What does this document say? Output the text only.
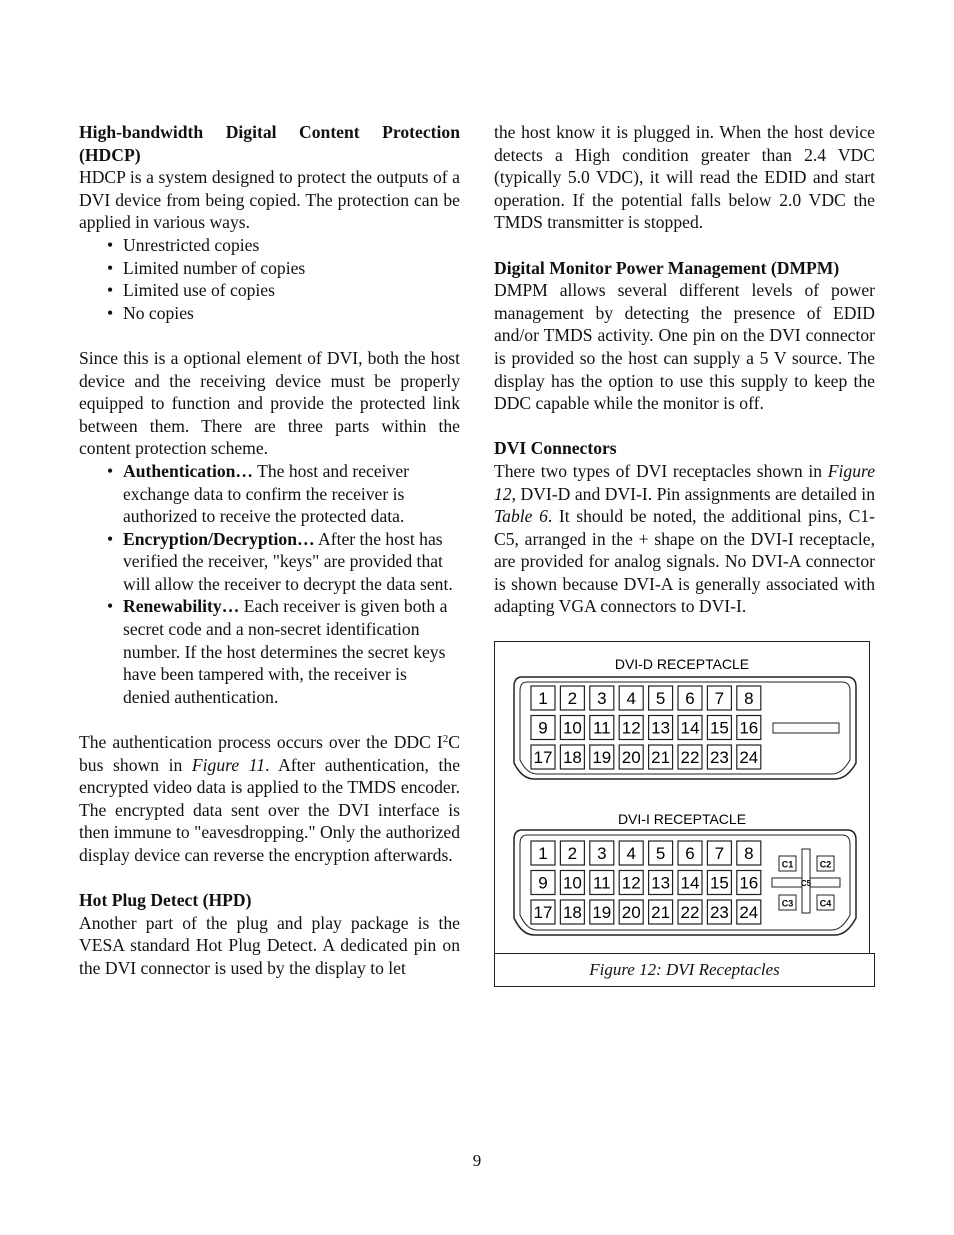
High-bandwidth Digital Content Protection (HDCP)

HDCP is a system designed to protect the outputs of a DVI device from being copied. The protection can be applied in various ways.

• Unrestricted copies
• Limited number of copies
• Limited use of copies
• No copies

Since this is a optional element of DVI, both the host device and the receiving device must be properly equipped to function and provide the protected link between them. There are three parts within the content protection scheme.

• Authentication… The host and receiver exchange data to confirm the receiver is authorized to receive the protected data.
• Encryption/Decryption… After the host has verified the receiver, "keys" are provided that will allow the receiver to decrypt the data sent.
• Renewability… Each receiver is given both a secret code and a non-secret identification number. If the host determines the secret keys have been tampered with, the receiver is denied authentication.

The authentication process occurs over the DDC $I^2C$ bus shown in Figure 11. After authentication, the encrypted video data is applied to the TMDS encoder. The encrypted data sent over the DVI interface is then immune to "eavesdropping." Only the authorized display device can reverse the encryption afterwards.

Hot Plug Detect (HPD)

Another part of the plug and play package is the VESA standard Hot Plug Detect. A dedicated pin on the DVI connector is used by the display to let

the host know it is plugged in. When the host device detects a High condition greater than 2.4 VDC (typically 5.0 VDC), it will read the EDID and start operation. If the potential falls below 2.0 VDC the TMDS transmitter is stopped.

Digital Monitor Power Management (DMPM)

DMPM allows several different levels of power management by detecting the presence of EDID and/or TMDS activity. One pin on the DVI connector is provided so the host can supply a 5 V source. The display has the option to use this supply to keep the DDC capable while the monitor is off.

DVI Connectors

There two types of DVI receptacles shown in Figure 12, DVI-D and DVI-I. Pin assignments are detailed in Table 6. It should be noted, the additional pins, C1-C5, arranged in the + shape on the DVI-I receptacle, are provided for analog signals. No DVI-A connector is shown because DVI-A is generally associated with adapting VGA connectors to DVI-I.

DVI-D RECEPTACLE
DVI-I RECEPTACLE
1 2 3 4 5 6 7 8
9 10 11 12 13 14 15 16
17 18 19 20 21 22 23 24
1 2 3 4 5 6 7 8
9 10 11 12 13 14 15 16
17 18 19 20 21 22 23 24
C1	C2
C3	C4
C5
Figure 12: DVI Receptacles
9
